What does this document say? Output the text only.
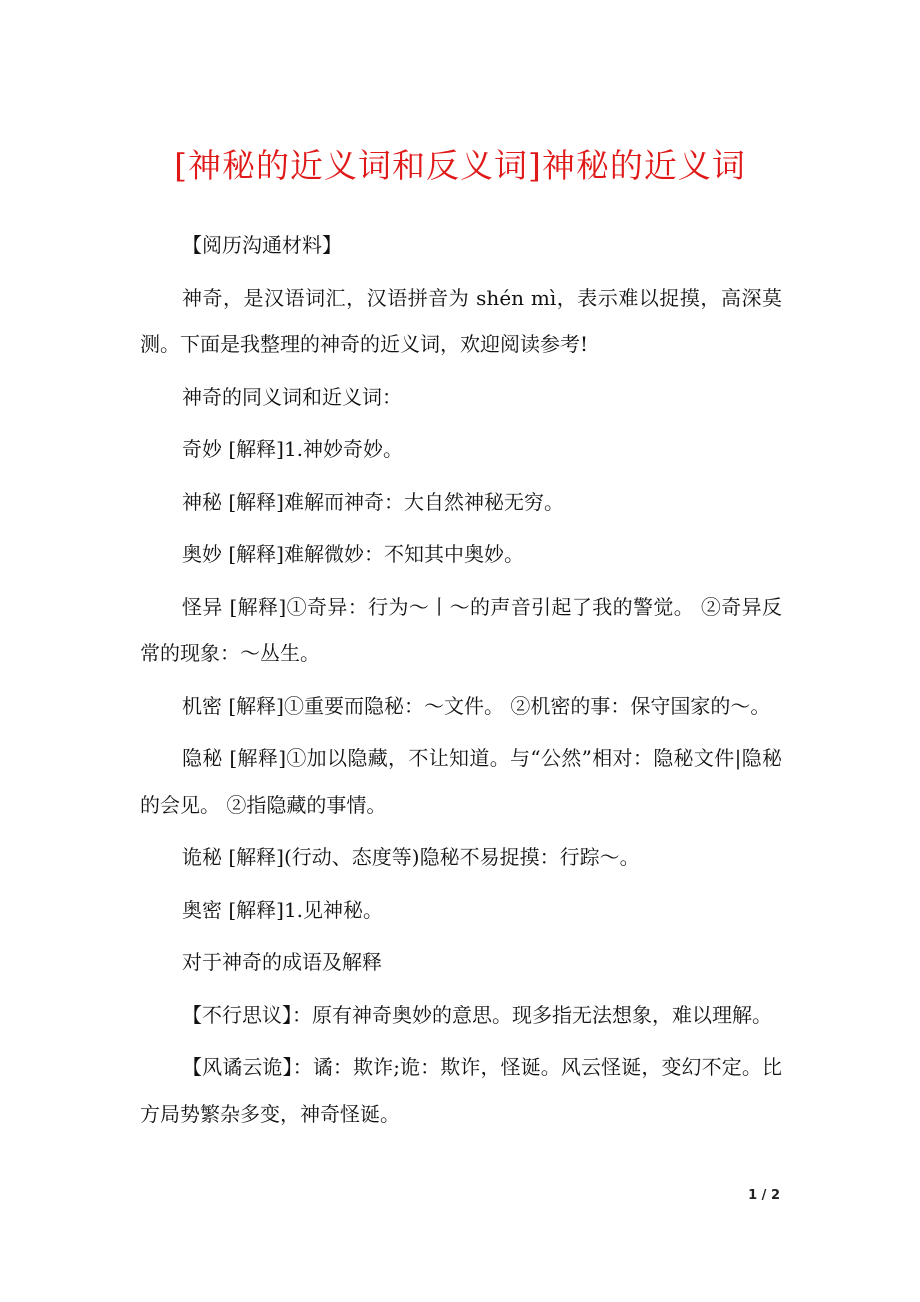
[神秘的近义词和反义词]神秘的近义词

【阅历沟通材料】

神奇，是汉语词汇，汉语拼音为 shén mì，表示难以捉摸，高深莫测。下面是我整理的神奇的近义词，欢迎阅读参考!

神奇的同义词和近义词：

奇妙 [解释]1.神妙奇妙。

神秘 [解释]难解而神奇：大自然神秘无穷。

奥妙 [解释]难解微妙：不知其中奥妙。

怪异 [解释]①奇异：行为～丨～的声音引起了我的警觉。 ②奇异反常的现象：～丛生。

机密 [解释]①重要而隐秘：～文件。 ②机密的事：保守国家的～。

隐秘 [解释]①加以隐藏，不让知道。与“公然”相对：隐秘文件|隐秘的会见。 ②指隐藏的事情。

诡秘 [解释](行动、态度等)隐秘不易捉摸：行踪～。

奥密 [解释]1.见神秘。

对于神奇的成语及解释

【不行思议】：原有神奇奥妙的意思。现多指无法想象，难以理解。

【风谲云诡】：谲：欺诈;诡：欺诈，怪诞。风云怪诞，变幻不定。比方局势繁杂多变，神奇怪诞。

1 / 2
